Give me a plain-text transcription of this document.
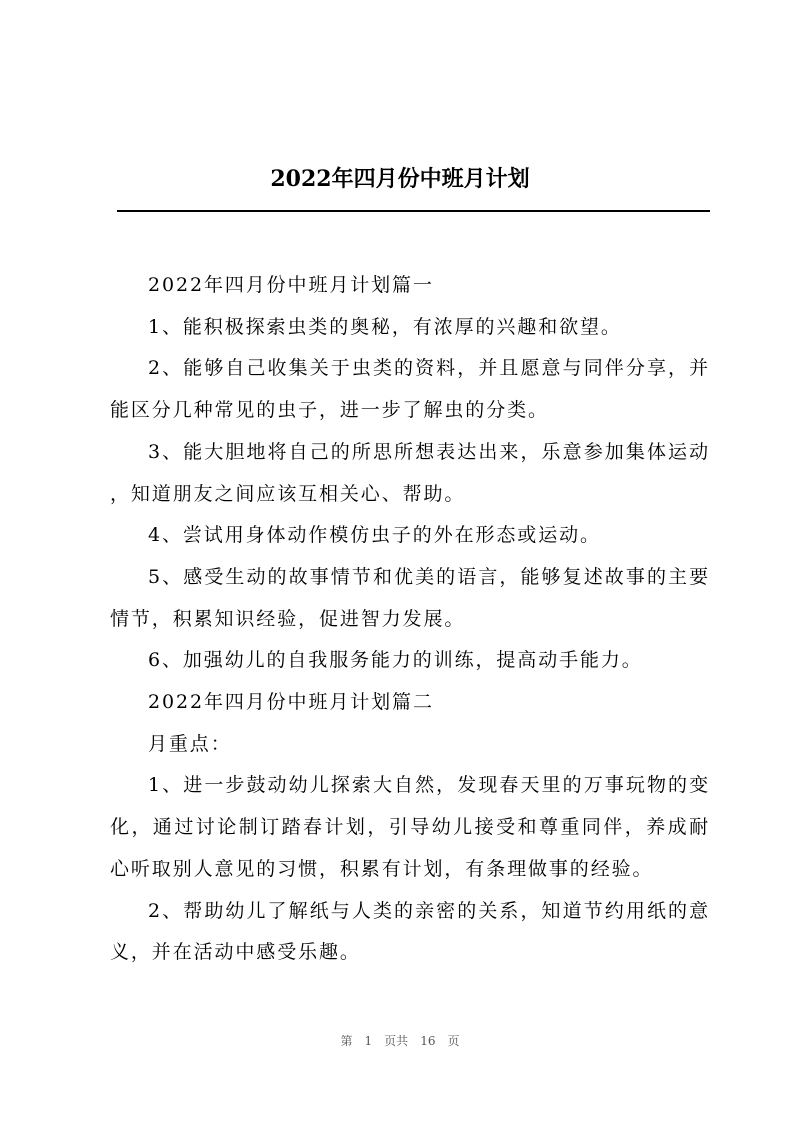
2022年四月份中班月计划

2022年四月份中班月计划篇一

1、能积极探索虫类的奥秘，有浓厚的兴趣和欲望。

2、能够自己收集关于虫类的资料，并且愿意与同伴分享，并能区分几种常见的虫子，进一步了解虫的分类。

3、能大胆地将自己的所思所想表达出来，乐意参加集体运动，知道朋友之间应该互相关心、帮助。

4、尝试用身体动作模仿虫子的外在形态或运动。

5、感受生动的故事情节和优美的语言，能够复述故事的主要情节，积累知识经验，促进智力发展。

6、加强幼儿的自我服务能力的训练，提高动手能力。

2022年四月份中班月计划篇二

月重点：

1、进一步鼓动幼儿探索大自然，发现春天里的万事玩物的变化，通过讨论制订踏春计划，引导幼儿接受和尊重同伴，养成耐心听取别人意见的习惯，积累有计划，有条理做事的经验。

2、帮助幼儿了解纸与人类的亲密的关系，知道节约用纸的意义，并在活动中感受乐趣。

第 1 页共 16 页
